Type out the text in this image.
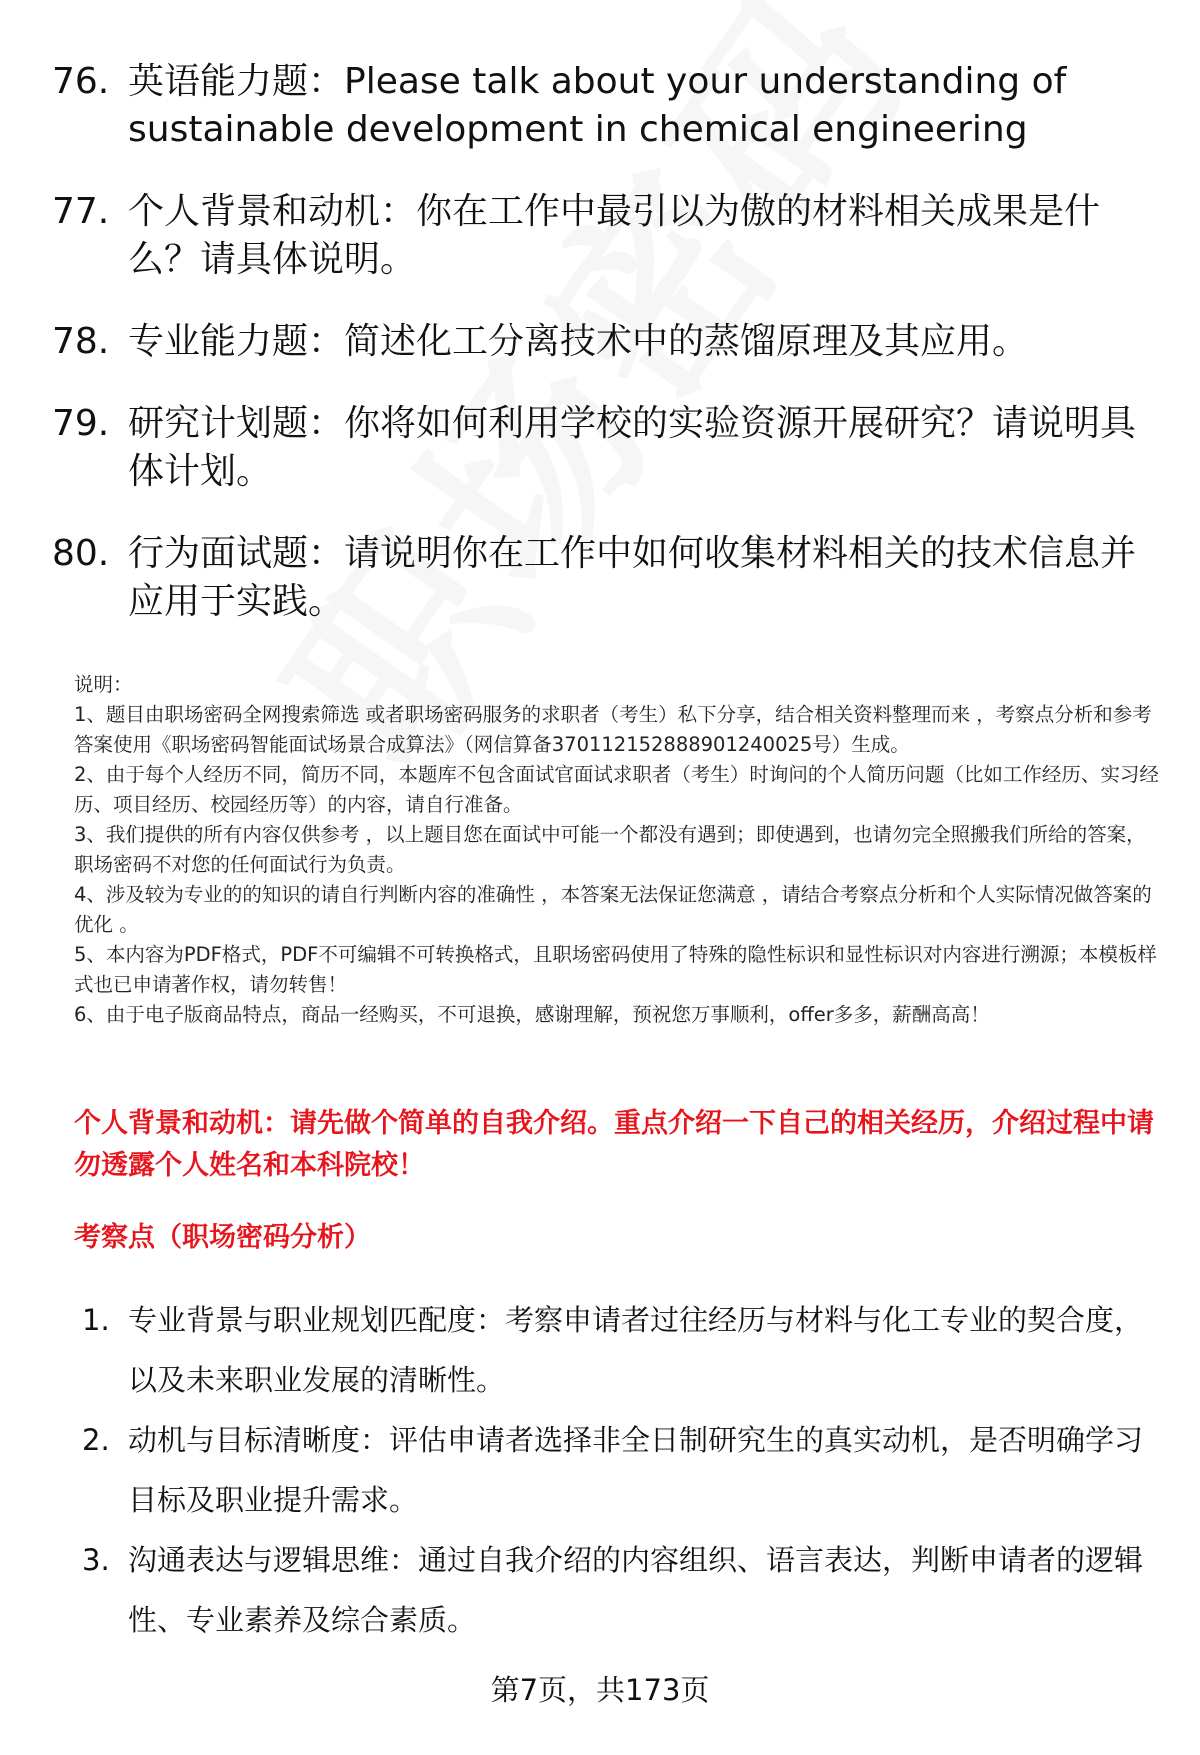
76. 英语能力题：Please talk about your understanding of sustainable development in chemical engineering
77. 个人背景和动机：你在工作中最引以为傲的材料相关成果是什么？请具体说明。
78. 专业能力题：简述化工分离技术中的蒸馏原理及其应用。
79. 研究计划题：你将如何利用学校的实验资源开展研究？请说明具体计划。
80. 行为面试题：请说明你在工作中如何收集材料相关的技术信息并应用于实践。

说明：

1、题目由职场密码全网搜索筛选 或者职场密码服务的求职者（考生）私下分享，结合相关资料整理而来 ，考察点分析和参考答案使用《职场密码智能面试场景合成算法》（网信算备370112152888901240025号）生成。

2、由于每个人经历不同，简历不同，本题库不包含面试官面试求职者（考生）时询问的个人简历问题（比如工作经历、实习经历、项目经历、校园经历等）的内容，请自行准备。

3、我们提供的所有内容仅供参考 ，以上题目您在面试中可能一个都没有遇到；即使遇到，也请勿完全照搬我们所给的答案，职场密码不对您的任何面试行为负责。

4、涉及较为专业的的知识的请自行判断内容的准确性 ，本答案无法保证您满意 ，请结合考察点分析和个人实际情况做答案的优化 。

5、本内容为PDF格式，PDF不可编辑不可转换格式，且职场密码使用了特殊的隐性标识和显性标识对内容进行溯源；本模板样式也已申请著作权，请勿转售！

6、由于电子版商品特点，商品一经购买，不可退换，感谢理解，预祝您万事顺利，offer多多，薪酬高高！

个人背景和动机：请先做个简单的自我介绍。重点介绍一下自己的相关经历，介绍过程中请勿透露个人姓名和本科院校！
考察点（职场密码分析）
1. 专业背景与职业规划匹配度：考察申请者过往经历与材料与化工专业的契合度，以及未来职业发展的清晰性。
2. 动机与目标清晰度：评估申请者选择非全日制研究生的真实动机，是否明确学习目标及职业提升需求。
3. 沟通表达与逻辑思维：通过自我介绍的内容组织、语言表达，判断申请者的逻辑性、专业素养及综合素质。
第7页，共173页
